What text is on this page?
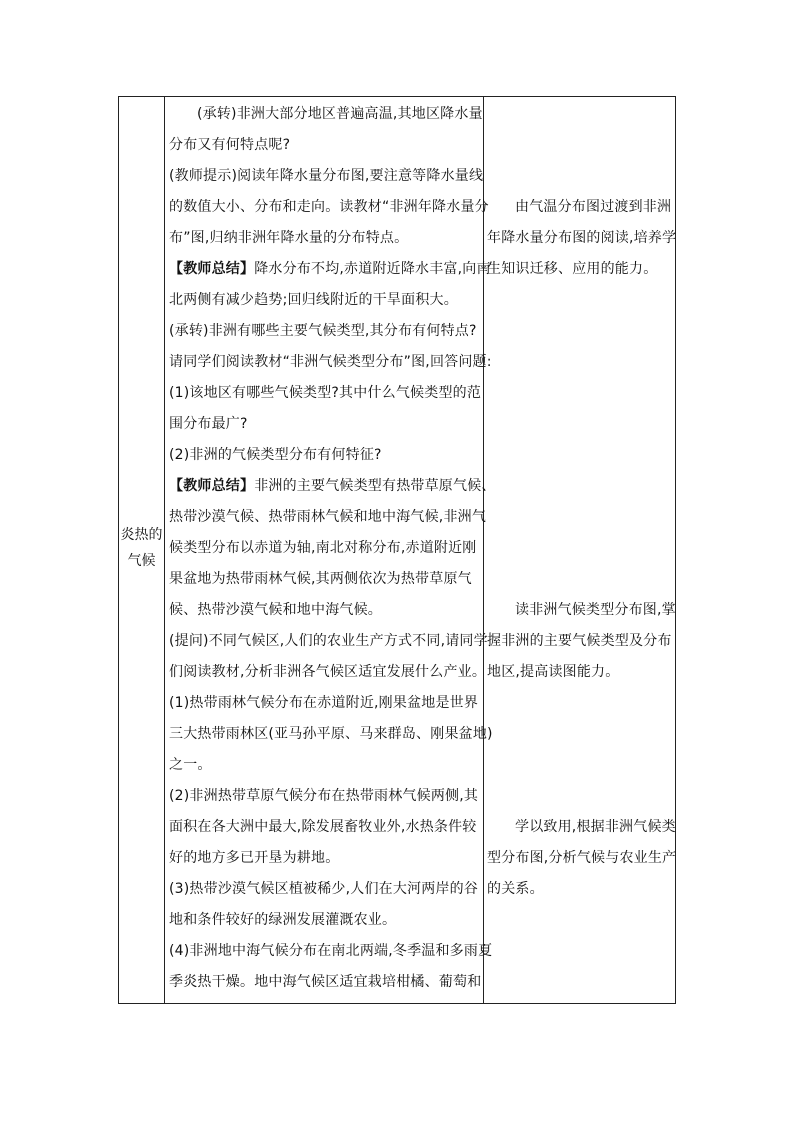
炎热的
气候
(承转)非洲大部分地区普遍高温,其地区降水量
分布又有何特点呢?
(教师提示)阅读年降水量分布图,要注意等降水量线
的数值大小、分布和走向。读教材“非洲年降水量分
布”图,归纳非洲年降水量的分布特点。
【教师总结】降水分布不均,赤道附近降水丰富,向南
北两侧有减少趋势;回归线附近的干旱面积大。
(承转)非洲有哪些主要气候类型,其分布有何特点?
请同学们阅读教材“非洲气候类型分布”图,回答问题:
(1)该地区有哪些气候类型?其中什么气候类型的范
围分布最广?
(2)非洲的气候类型分布有何特征?
【教师总结】非洲的主要气候类型有热带草原气候、
热带沙漠气候、热带雨林气候和地中海气候,非洲气
候类型分布以赤道为轴,南北对称分布,赤道附近刚
果盆地为热带雨林气候,其两侧依次为热带草原气
候、热带沙漠气候和地中海气候。
(提问)不同气候区,人们的农业生产方式不同,请同学
们阅读教材,分析非洲各气候区适宜发展什么产业。
(1)热带雨林气候分布在赤道附近,刚果盆地是世界
三大热带雨林区(亚马孙平原、马来群岛、刚果盆地)
之一。
(2)非洲热带草原气候分布在热带雨林气候两侧,其
面积在各大洲中最大,除发展畜牧业外,水热条件较
好的地方多已开垦为耕地。
(3)热带沙漠气候区植被稀少,人们在大河两岸的谷
地和条件较好的绿洲发展灌溉农业。
(4)非洲地中海气候分布在南北两端,冬季温和多雨夏
季炎热干燥。地中海气候区适宜栽培柑橘、葡萄和
由气温分布图过渡到非洲
年降水量分布图的阅读,培养学
生知识迁移、应用的能力。
读非洲气候类型分布图,掌
握非洲的主要气候类型及分布
地区,提高读图能力。
学以致用,根据非洲气候类
型分布图,分析气候与农业生产
的关系。
